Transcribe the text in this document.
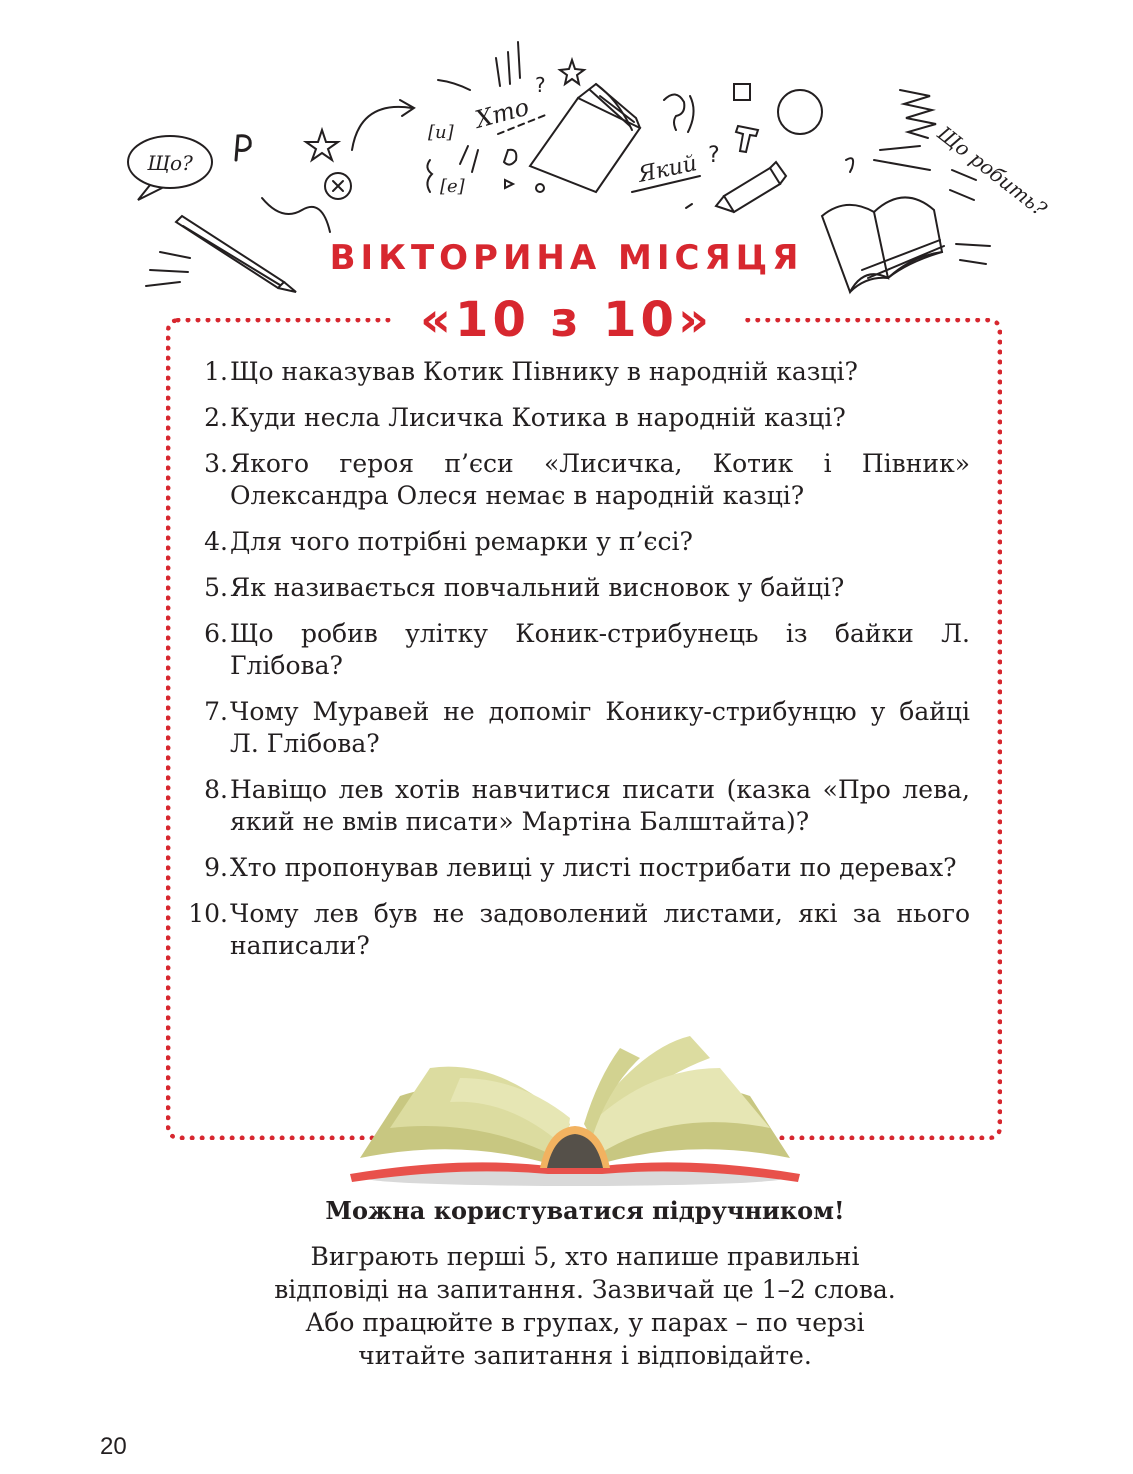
Що?
[и]
[е]
Хто
?
Який ?	Що робить?
ВІКТОРИНА МІСЯЦЯ
«10 з 10»
1. Що наказував Котик Півнику в народній казці?
2. Куди несла Лисичка Котика в народній казці?
3. Якого героя п’єси «Лисичка, Котик і Півник» Олександра Олеся немає в народній казці?
4. Для чого потрібні ремарки у п’єсі?
5. Як називається повчальний висновок у байці?
6. Що робив улітку Коник-стрибунець із байки Л. Глібова?
7. Чому Муравей не допоміг Конику-стрибунцю у байці Л. Глібова?
8. Навіщо лев хотів навчитися писати (казка «Про лева, який не вмів писати» Мартіна Балштайта)?
9. Хто пропонував левиці у листі пострибати по деревах?
10. Чому лев був не задоволений листами, які за нього написали?
Можна користуватися підручником!
Виграють перші 5, хто напише правильні
відповіді на запитання. Зазвичай це 1–2 слова.
Або працюйте в групах, у парах – по черзі
читайте запитання і відповідайте.
20
